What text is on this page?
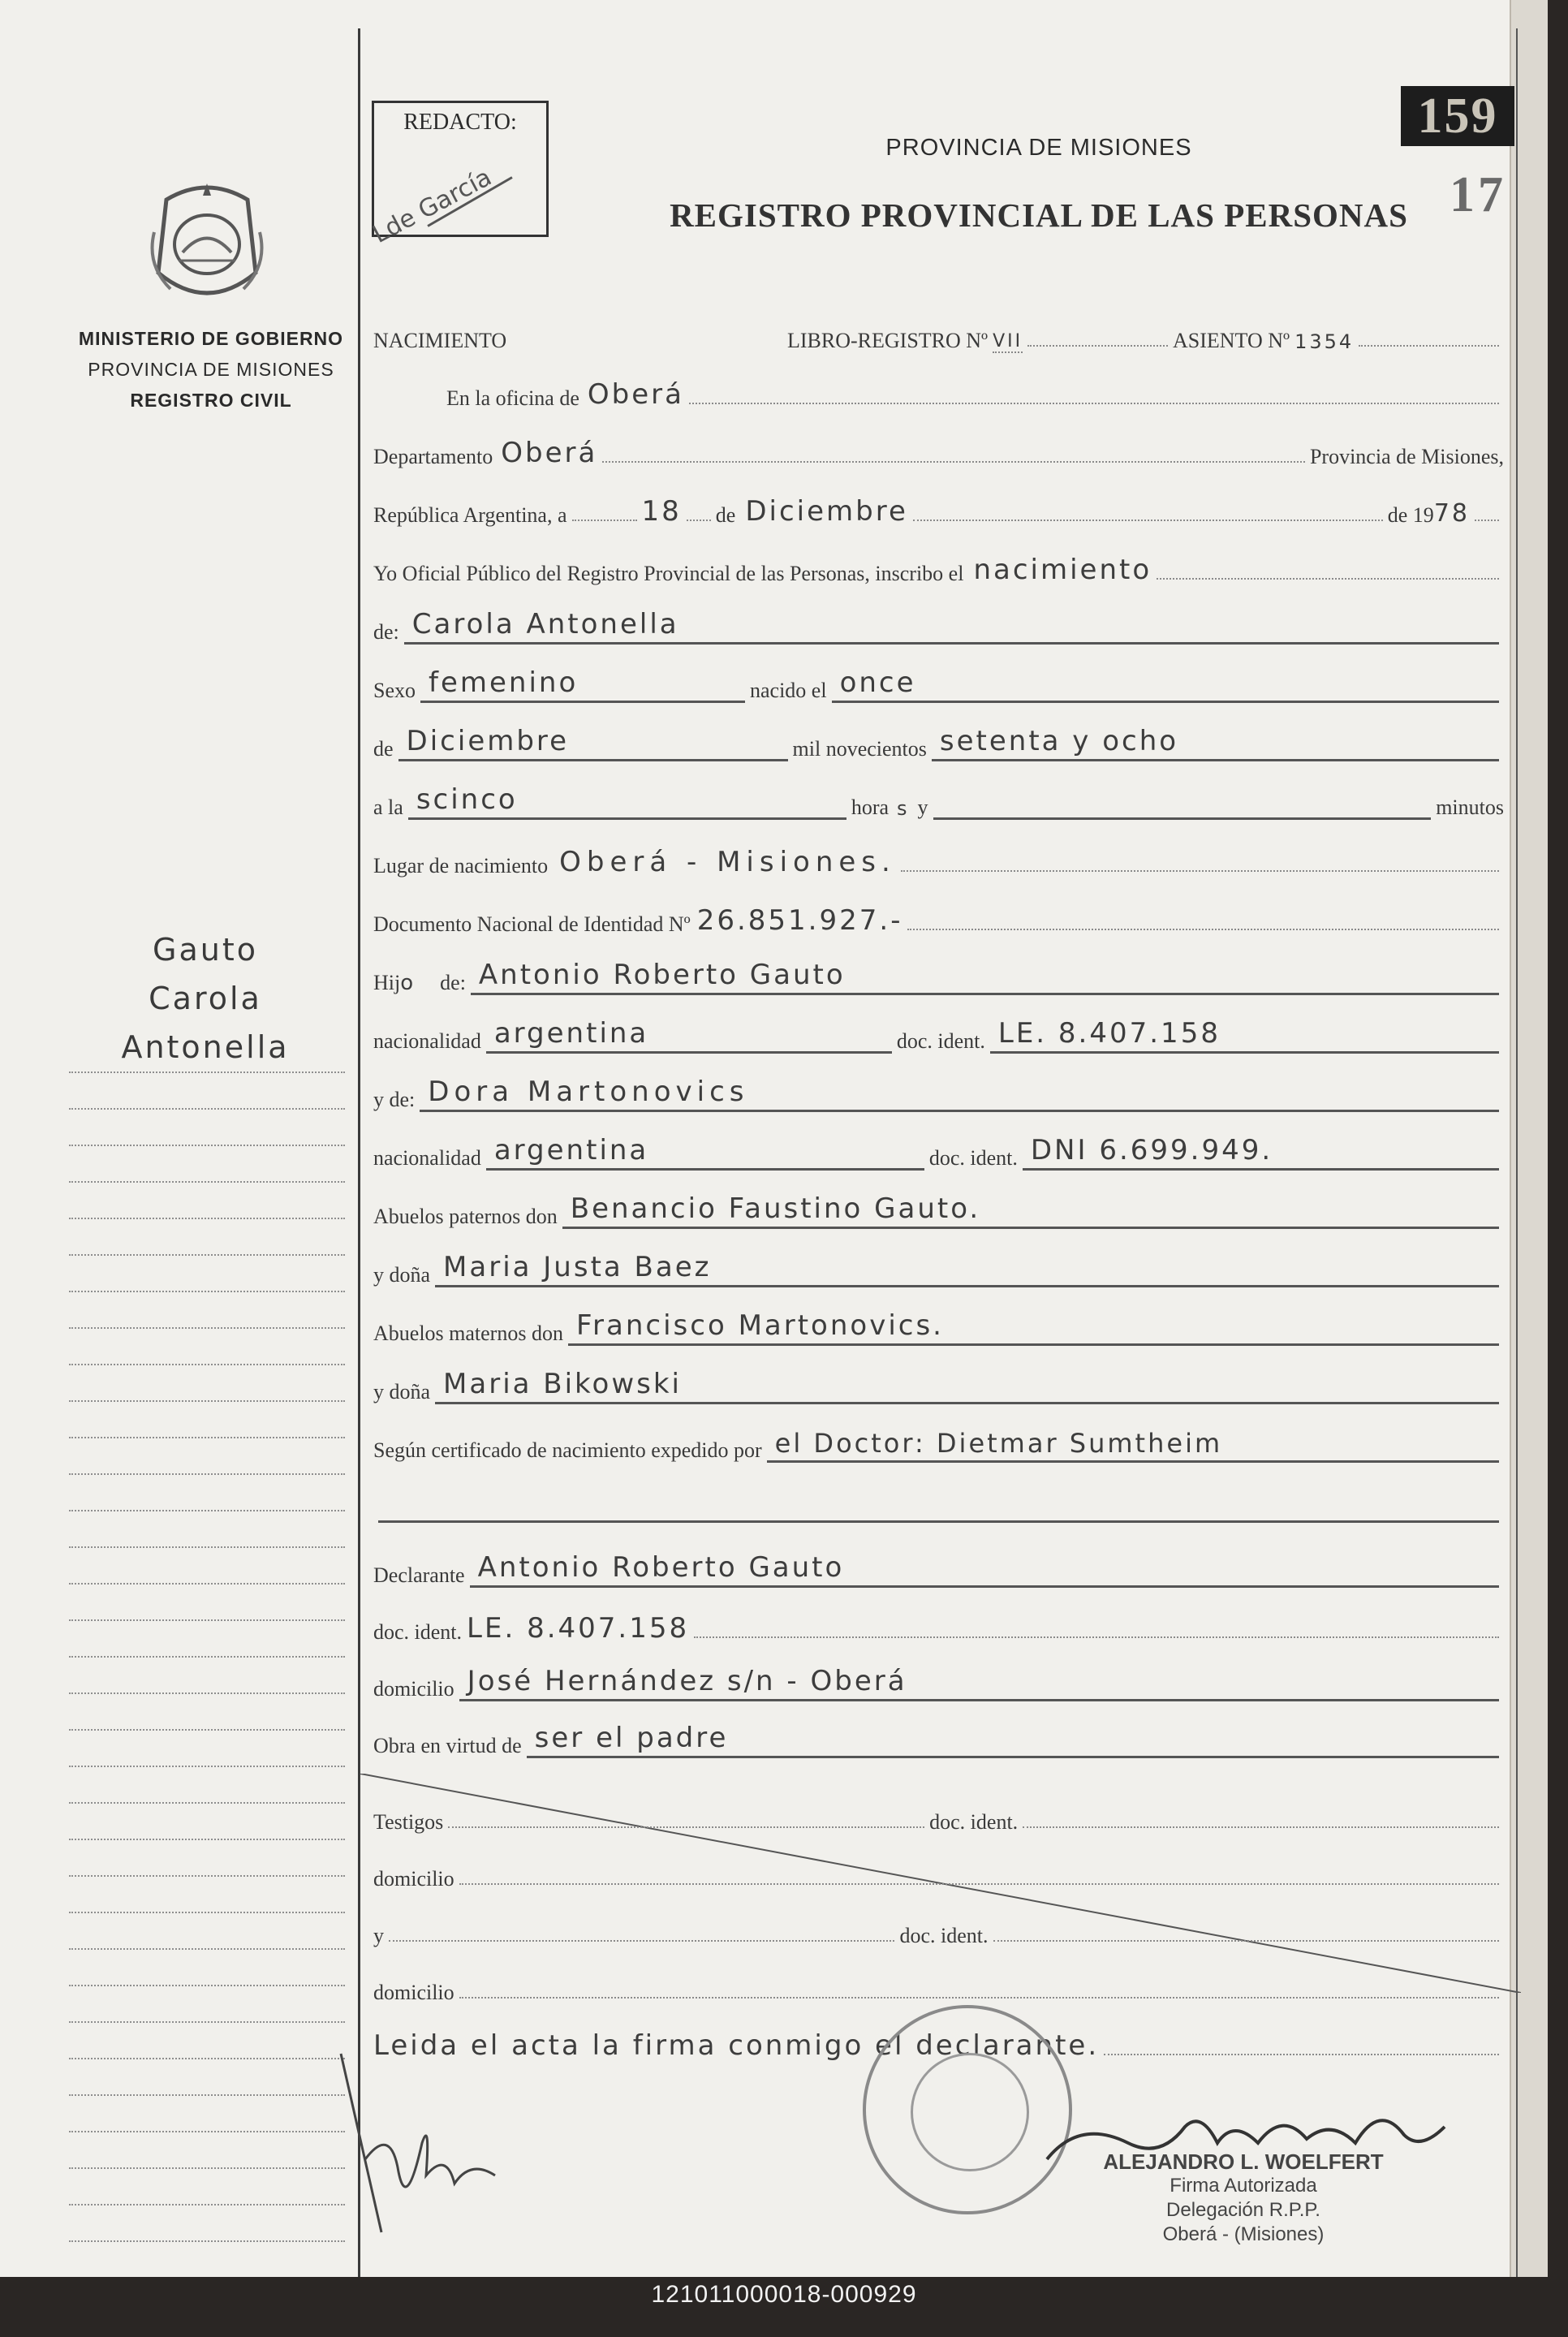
REDACTO:
Lde García
159
17
PROVINCIA DE MISIONES
REGISTRO PROVINCIAL DE LAS PERSONAS
MINISTERIO DE GOBIERNO
PROVINCIA DE MISIONES
REGISTRO CIVIL
Gauto
Carola
Antonella
NACIMIENTO	LIBRO-REGISTRO Nº VII	ASIENTO Nº 1354
En la oficina de Oberá
Departamento Oberá	Provincia de Misiones,
República Argentina, a	18 de Diciembre	de 19 78
Yo Oficial Público del Registro Provincial de las Personas, inscribo el nacimiento
de: Carola Antonella
Sexo femenino	nacido el once
de Diciembre	mil novecientos setenta y ocho
a la scinco	hora s y	minutos
Lugar de nacimiento Oberá - Misiones.
Documento Nacional de Identidad Nº 26.851.927.-
Hij o de: Antonio Roberto Gauto
nacionalidad argentina	doc. ident. LE. 8.407.158
y de: Dora Martonovics
nacionalidad argentina	doc. ident. DNI 6.699.949.
Abuelos paternos don Benancio Faustino Gauto.
y doña Maria Justa Baez
Abuelos maternos don Francisco Martonovics.
y doña Maria Bikowski
Según certificado de nacimiento expedido por el Doctor: Dietmar Sumtheim
Declarante Antonio Roberto Gauto
doc. ident. LE. 8.407.158
domicilio José Hernández s/n - Oberá
Obra en virtud de ser el padre
Testigos	doc. ident.
domicilio
y	doc. ident.
domicilio
Leida el acta la firma conmigo el declarante.
ALEJANDRO L. WOELFERT
Firma Autorizada
Delegación R.P.P.
Oberá - (Misiones)
121011000018-000929
